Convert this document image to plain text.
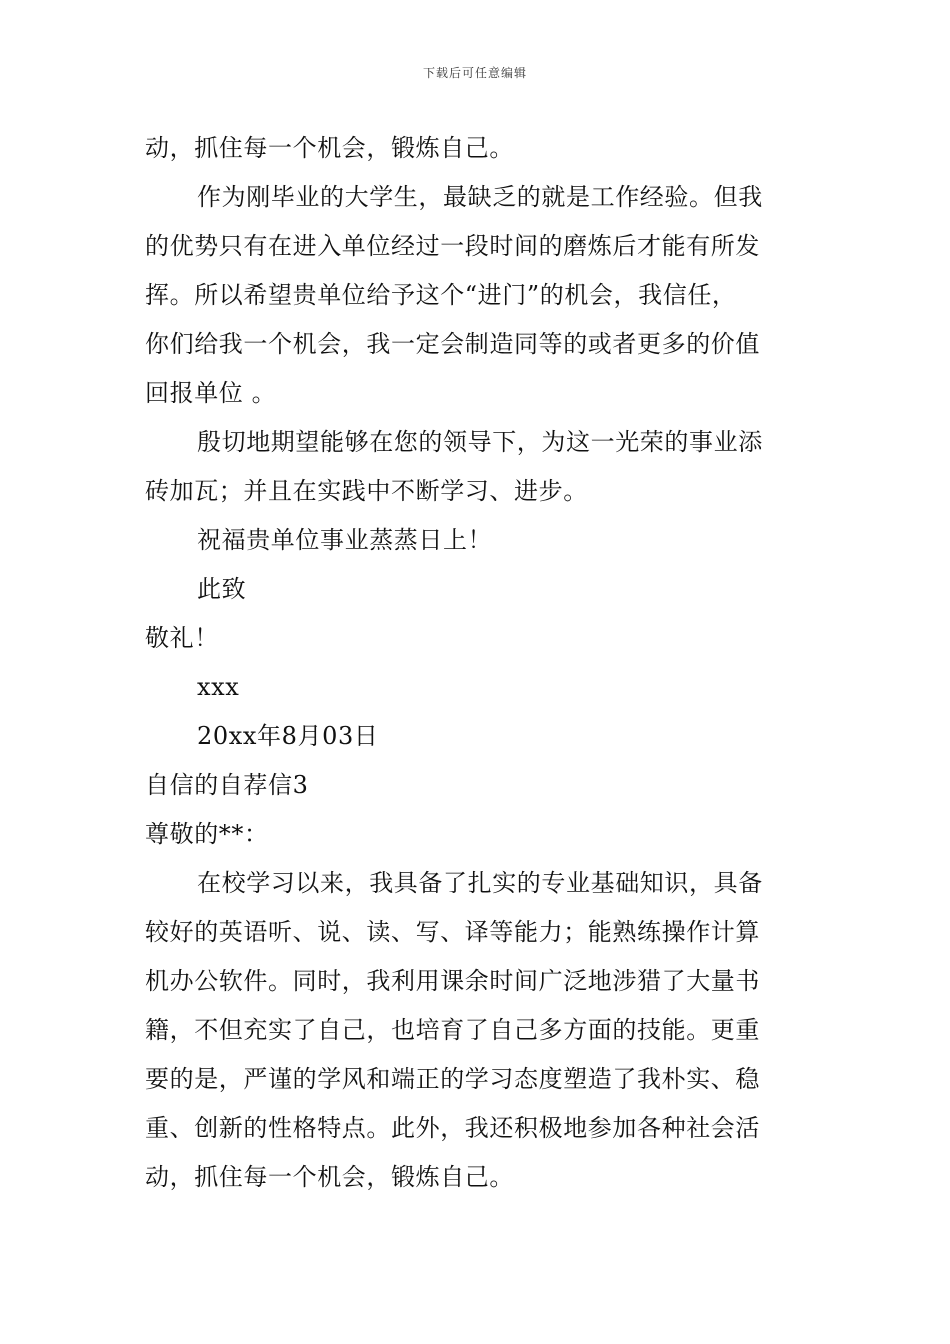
下载后可任意编辑
动，抓住每一个机会，锻炼自己。
作为刚毕业的大学生，最缺乏的就是工作经验。但我
的优势只有在进入单位经过一段时间的磨炼后才能有所发
挥。所以希望贵单位给予这个“进门”的机会，我信任，
你们给我一个机会，我一定会制造同等的或者更多的价值
回报单位 。
殷切地期望能够在您的领导下，为这一光荣的事业添
砖加瓦；并且在实践中不断学习、进步。
祝福贵单位事业蒸蒸日上！
此致
敬礼！
xxx
20xx年8月03日
自信的自荐信3
尊敬的**：
在校学习以来，我具备了扎实的专业基础知识，具备
较好的英语听、说、读、写、译等能力；能熟练操作计算
机办公软件。同时，我利用课余时间广泛地涉猎了大量书
籍，不但充实了自己，也培育了自己多方面的技能。更重
要的是，严谨的学风和端正的学习态度塑造了我朴实、稳
重、创新的性格特点。此外，我还积极地参加各种社会活
动，抓住每一个机会，锻炼自己。
